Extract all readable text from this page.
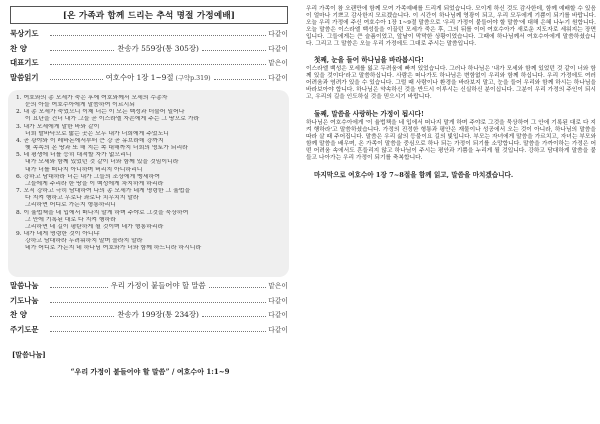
[온 가족과 함께 드리는 추석 명절 가정예배]
묵상기도	다같이
찬 양	찬송가 559장(통 305장)	다같이
대표기도	맡은이
말씀읽기	여호수아 1장 1~9절 (구약p.319)	다같이
1. 여호와의 종 모세가 죽은 후에 여호와께서 모세의 수종자
눈의 아들 여호수아에게 말씀하여 이르시되
2. 내 종 모세가 죽었으니 이제 너는 이 모든 백성과 더불어 일어나
이 요단을 건너 내가 그들 곧 이스라엘 자손에게 주는 그 땅으로 가라
3. 내가 모세에게 말한 바와 같이
너희 발바닥으로 밟는 곳은 모두 내가 너희에게 주었노니
4. 곧 광야와 이 레바논에서부터 큰 강 곧 유브라데 강까지
헷 족속의 온 땅과 또 해 지는 쪽 대해까지 너희의 영토가 되리라
5. 네 평생에 너를 능히 대적할 자가 없으리니
내가 모세와 함께 있었던 것 같이 너와 함께 있을 것임이니라
내가 너를 떠나지 아니하며 버리지 아니하리니
6. 강하고 담대하라 너는 내가 그들의 조상에게 맹세하여
그들에게 주리라 한 땅을 이 백성에게 차지하게 하리라
7. 오직 강하고 극히 담대하여 나의 종 모세가 네게 명령한 그 율법을
다 지켜 행하고 우로나 좌로나 치우치지 말라
그리하면 어디로 가든지 형통하리니
8. 이 율법책을 네 입에서 떠나지 말게 하며 주야로 그것을 묵상하여
그 안에 기록된 대로 다 지켜 행하라
그리하면 네 길이 평탄하게 될 것이며 네가 형통하리라
9. 내가 네게 명령한 것이 아니냐
강하고 담대하라 두려워하지 말며 놀라지 말라
네가 어디로 가든지 네 하나님 여호와가 너와 함께 하느니라 하시니라
말씀나눔	우리 가정이 붙들어야 할 말씀	맡은이
기도나눔	다같이
찬 양	찬송가 199장(통 234장)	다같이
주기도문	다같이
[말씀나눔]
“우리 가정이 붙들어야 할 말씀” / 여호수아 1:1~9

우리 가족이 참 오랜만에 함께 모여 가족예배를 드리게 되었습니다. 모이게 하신 것도 감사한데, 함께 예배할 수 있음이 얼마나 기쁘고 감사한지 모르겠습니다. 이 시간이 하나님께 영광이 되고, 우리 모두에게 기쁨이 되기를 바랍니다. 오늘 우리 가정에 주신 여호수아 1장 1~9절 말씀으로 '우리 가정이 붙들어야 할 말씀'에 대해 은혜 나누기 원합니다. 오늘 말씀은 이스라엘 백성들을 이끌던 모세가 죽은 후, 그의 뒤를 이어 여호수아가 새로운 지도자로 세워지는 장면입니다. 그들에게는 큰 슬픔이었고, 앞날이 막막한 상황이었습니다. 그때에 하나님께서 여호수아에게 말씀하셨습니다. 그리고 그 말씀은 오늘 우리 가정에도 그대로 주시는 말씀입니다.

첫째, 눈을 들어 하나님을 바라봅시다!

이스라엘 백성은 모세를 잃고 두려움에 빠져 있었습니다. 그러나 하나님은 '내가 모세와 함께 있었던 것 같이 너와 함께 있을 것이다'라고 말씀하십니다. 사람은 떠나가도 하나님은 변함없이 우리와 함께 하십니다. 우리 가정에도 여러 어려움과 염려가 있을 수 있습니다. 그럴 때 사람이나 환경을 바라보지 말고, 눈을 들어 우리와 함께 하시는 하나님을 바라보아야 합니다. 하나님은 약속하신 것을 반드시 이루시는 신실하신 분이십니다. 그분이 우리 가정의 주인이 되시고, 우리의 길을 인도하실 것을 믿으시기 바랍니다.

둘째, 말씀을 사랑하는 가정이 됩시다!

하나님은 여호수아에게 '이 율법책을 네 입에서 떠나지 말게 하며 주야로 그것을 묵상하여 그 안에 기록된 대로 다 지켜 행하라'고 말씀하셨습니다. 가정의 진정한 형통과 평안은 재물이나 성공에서 오는 것이 아니라, 하나님의 말씀을 따라 살 때 주어집니다. 말씀은 우리 삶의 등불이요 길의 빛입니다. 부모는 자녀에게 말씀을 가르치고, 자녀는 부모와 함께 말씀을 배우며, 온 가족이 말씀을 중심으로 하나 되는 가정이 되기를 소망합니다. 말씀을 가까이하는 가정은 어떤 어려움 속에서도 흔들리지 않고 하나님이 주시는 평안과 기쁨을 누리게 될 것입니다. 강하고 담대하게 말씀을 붙들고 나아가는 우리 가정이 되기를 축복합니다.

마지막으로 여호수아 1장 7~8절을 함께 읽고, 말씀을 마치겠습니다.
